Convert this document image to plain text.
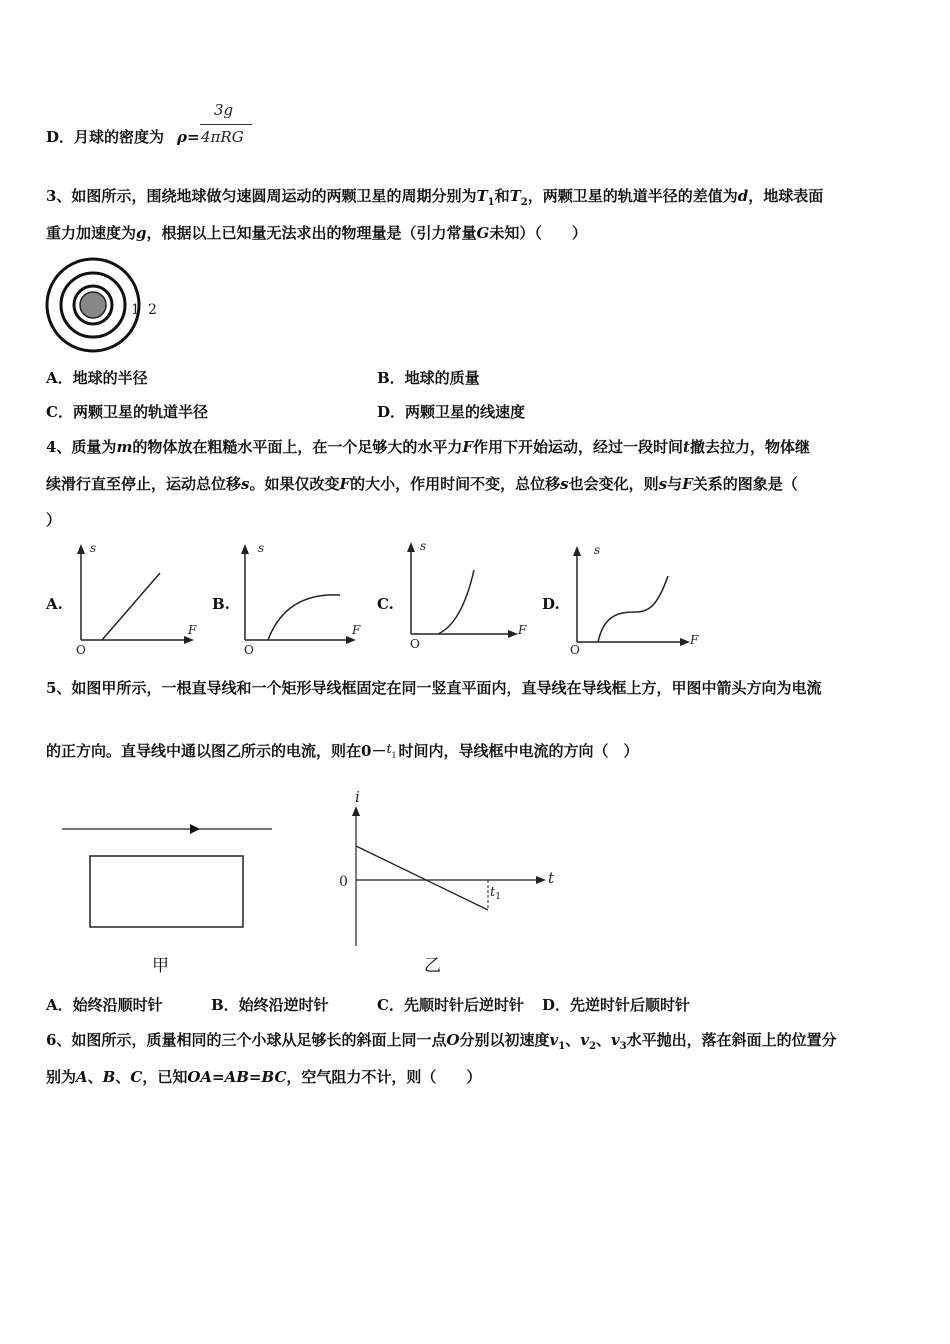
D．月球的密度为 ρ=
3g
4πRG
3、如图所示，围绕地球做匀速圆周运动的两颗卫星的周期分别为$T_1$和$T_2$，两颗卫星的轨道半径的差值为d，地球表面
重力加速度为g，根据以上已知量无法求出的物理量是（引力常量G未知）（　　）
1 2
A．地球的半径	B．地球的质量
C．两颗卫星的轨道半径	D．两颗卫星的线速度
4、质量为m的物体放在粗糙水平面上，在一个足够大的水平力F作用下开始运动，经过一段时间t撤去拉力，物体继
续滑行直至停止，运动总位移s。如果仅改变F的大小，作用时间不变，总位移s也会变化，则s与F关系的图象是（
）
A.
s
F
O
B.
s
F
O
C.
s
F
O
D.
s
F
O
5、如图甲所示，一根直导线和一个矩形导线框固定在同一竖直平面内，直导线在导线框上方，甲图中箭头方向为电流
的正方向。直导线中通以图乙所示的电流，则在0－ t 1 时间内，导线框中电流的方向（　）
甲
i
t
0
$t_1$
乙
A．始终沿顺时针	B．始终沿逆时针	C．先顺时针后逆时针 D．先逆时针后顺时针
6、如图所示，质量相同的三个小球从足够长的斜面上同一点O分别以初速度$v_1$、$v_2$、$v_3$水平抛出，落在斜面上的位置分
别为A、B、C，已知OA=AB=BC，空气阻力不计，则（　　）
